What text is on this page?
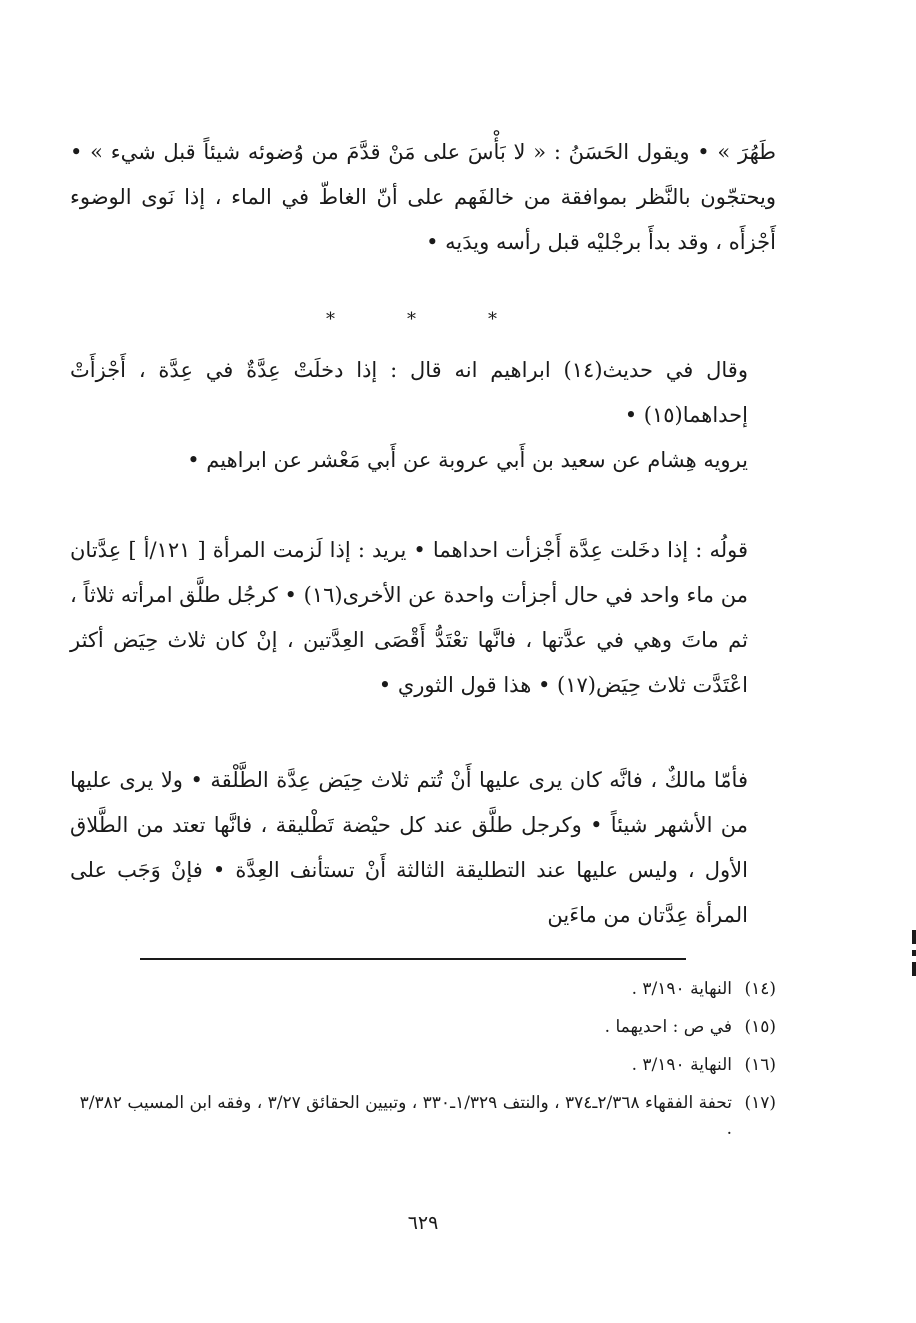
طَهُرَ » • ويقول الحَسَنُ : « لا بَأْسَ على مَنْ قدَّمَ من وُضوئه شيئاً قبل شيء » • ويحتجّون بالنَّظر بموافقة من خالفَهم على أنّ الغاطّ في الماء ، إذا نَوى الوضوء أَجْزأَه ، وقد بدأَ برجْليْه قبل رأسه ويدَيه •

*	*	*

وقال في حديث(١٤) ابراهيم انه قال : إذا دخلَتْ عِدَّةٌ في عِدَّة ، أَجْزأَتْ إحداهما(١٥) •

يرويه هِشام عن سعيد بن أَبي عروبة عن أَبي مَعْشر عن ابراهيم •

قولُه : إذا دخَلت عِدَّة أَجْزأت احداهما • يريد : إذا لَزمت المرأة [ ١٢١/أ ] عِدَّتان من ماء واحد في حال أجزأت واحدة عن الأخرى(١٦) • كرجُل طلَّق امرأته ثلاثاً ، ثم ماتَ وهي في عدَّتها ، فانَّها تعْتَدُّ أَقْصَى العِدَّتين ، إنْ كان ثلاث حِيَض أكثر اعْتَدَّت ثلاث حِيَض(١٧) • هذا قول الثوري •

فأمّا مالكٌ ، فانَّه كان يرى عليها أَنْ تُتم ثلاث حِيَض عِدَّة الطَّلْقة • ولا يرى عليها من الأشهر شيئاً • وكرجل طلَّق عند كل حيْضة تَطْليقة ، فانَّها تعتد من الطَّلاق الأول ، وليس عليها عند التطليقة الثالثة أَنْ تستأنف العِدَّة • فإنْ وَجَب على المرأة عِدَّتان من ماءَين

(١٤)
النهاية ٣/١٩٠ .
(١٥)
في ص : احديهما .
(١٦)
النهاية ٣/١٩٠ .
(١٧)
تحفة الفقهاء ٢/٣٦٨ـ٣٧٤ ، والنتف ١/٣٢٩ـ٣٣٠ ، وتبيين الحقائق ٣/٢٧ ، وفقه ابن المسيب ٣/٣٨٢ .
٦٢٩
